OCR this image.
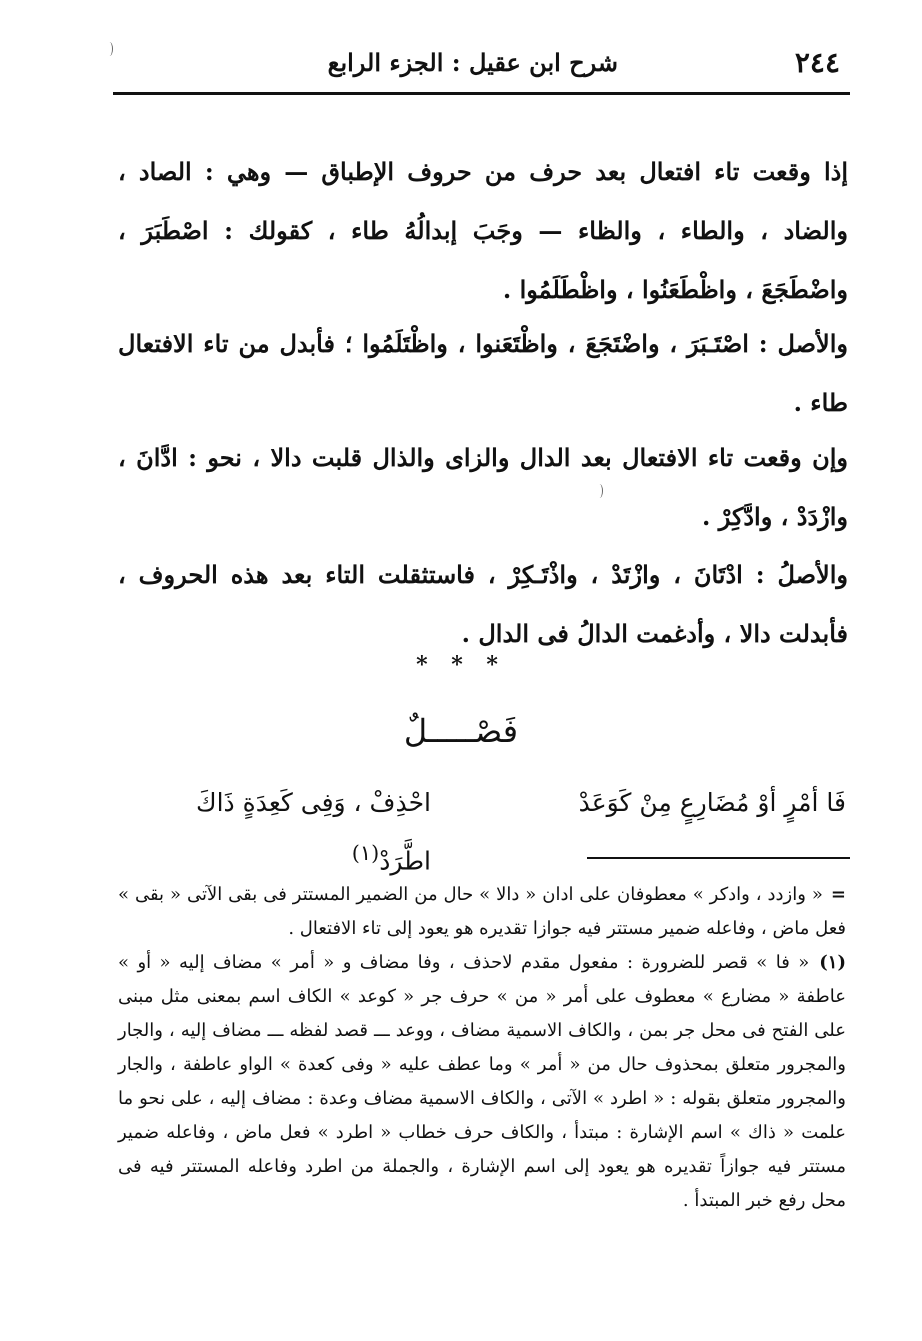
٢٤٤
شرح ابن عقيل : الجزء الرابع

إذا وقعت تاء افتعال بعد حرف من حروف الإطباق — وهي : الصاد ، والضاد ، والطاء ، والظاء — وجَبَ إبدالُهُ طاء ، كقولك : اصْطَبَرَ ، واضْطَجَعَ ، واظْطَعَنُوا ، واظْطَلَمُوا .

والأصل : اصْتَـبَرَ ، واضْتَجَعَ ، واظْتَعَنوا ، واظْتَلَمُوا ؛ فأبدل من تاء الافتعال طاء .

وإن وقعت تاء الافتعال بعد الدال والزاى والذال قلبت دالا ، نحو : ادَّانَ ، وازْدَدْ ، وادَّكِرْ .

والأصلُ : ادْتَانَ ، وازْتَدْ ، واذْتَـكِرْ ، فاستثقلت التاء بعد هذه الحروف ، فأبدلت دالا ، وأدغمت الدالُ فى الدال .

* * *
فَصْـــــلٌ
فَا أمْرٍ أوْ مُضَارِعٍ مِنْ كَوَعَدْ
احْذِفْ ، وَفِى كَعِدَةٍ ذَاكَ اطَّرَدْ$^{(١)}$

=« وازدد ، وادكر » معطوفان على ادان « دالا » حال من الضمير المستتر فى بقى الآتى « بقى » فعل ماض ، وفاعله ضمير مستتر فيه جوازا تقديره هو يعود إلى تاء الافتعال .

(١)« فا » قصر للضرورة : مفعول مقدم لاحذف ، وفا مضاف و « أمر » مضاف إليه « أو » عاطفة « مضارع » معطوف على أمر « من » حرف جر « كوعد » الكاف اسم بمعنى مثل مبنى على الفتح فى محل جر بمن ، والكاف الاسمية مضاف ، ووعد ـــ قصد لفظه ـــ مضاف إليه ، والجار والمجرور متعلق بمحذوف حال من « أمر » وما عطف عليه « وفى كعدة » الواو عاطفة ، والجار والمجرور متعلق بقوله : « اطرد » الآتى ، والكاف الاسمية مضاف وعدة : مضاف إليه ، على نحو ما علمت « ذاك » اسم الإشارة : مبتدأ ، والكاف حرف خطاب « اطرد » فعل ماض ، وفاعله ضمير مستتر فيه جوازاً تقديره هو يعود إلى اسم الإشارة ، والجملة من اطرد وفاعله المستتر فيه فى محل رفع خبر المبتدأ .
